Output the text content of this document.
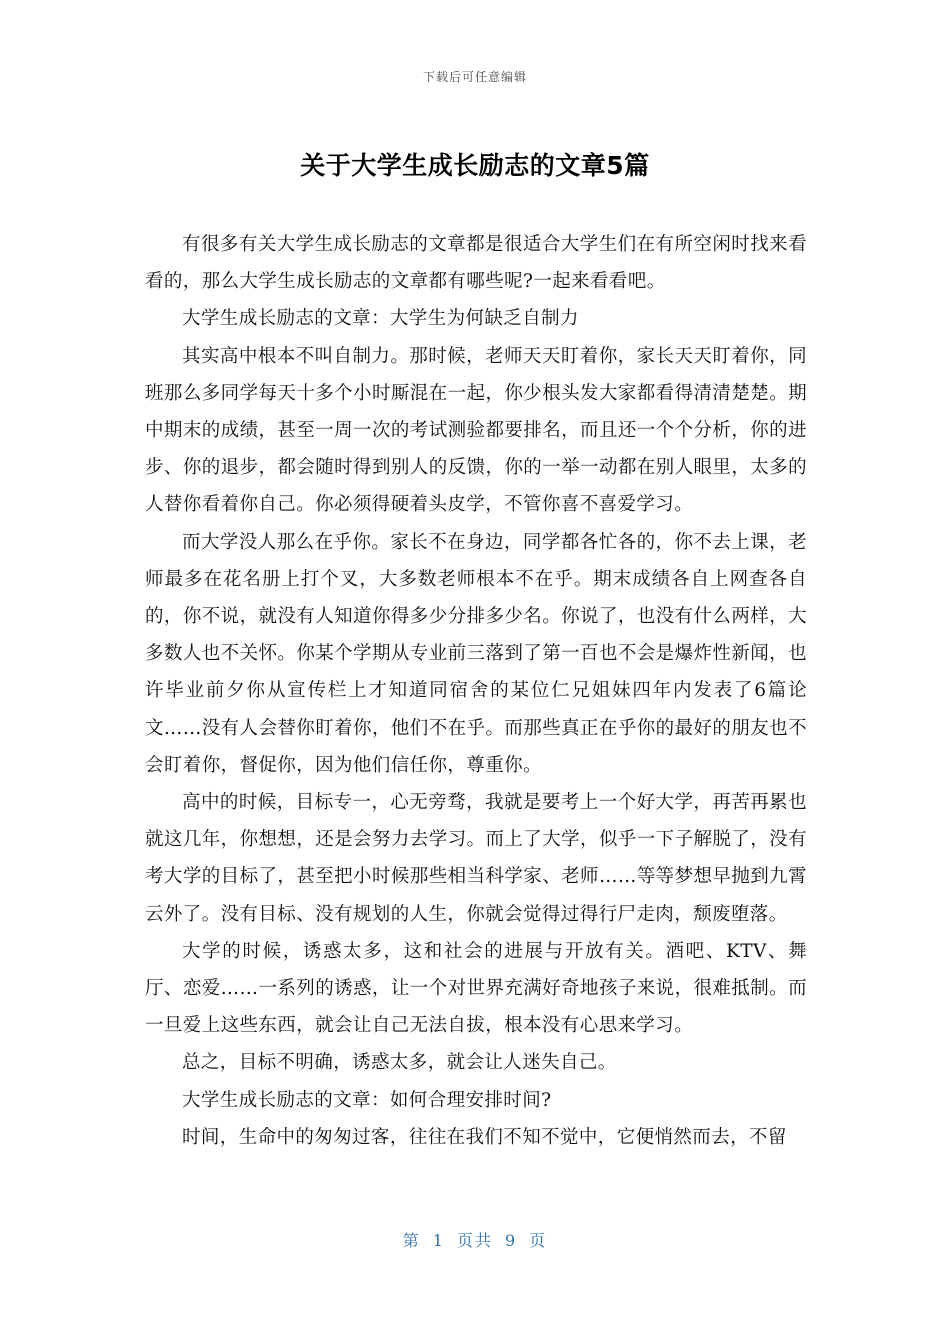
下载后可任意编辑
关于大学生成长励志的文章5篇

有很多有关大学生成长励志的文章都是很适合大学生们在有所空闲时找来看看的，那么大学生成长励志的文章都有哪些呢?一起来看看吧。

大学生成长励志的文章：大学生为何缺乏自制力

其实高中根本不叫自制力。那时候，老师天天盯着你，家长天天盯着你，同班那么多同学每天十多个小时厮混在一起，你少根头发大家都看得清清楚楚。期中期末的成绩，甚至一周一次的考试测验都要排名，而且还一个个分析，你的进步、你的退步，都会随时得到别人的反馈，你的一举一动都在别人眼里，太多的人替你看着你自己。你必须得硬着头皮学，不管你喜不喜爱学习。

而大学没人那么在乎你。家长不在身边，同学都各忙各的，你不去上课，老师最多在花名册上打个叉，大多数老师根本不在乎。期末成绩各自上网查各自的，你不说，就没有人知道你得多少分排多少名。你说了，也没有什么两样，大多数人也不关怀。你某个学期从专业前三落到了第一百也不会是爆炸性新闻，也许毕业前夕你从宣传栏上才知道同宿舍的某位仁兄姐妹四年内发表了6篇论文……没有人会替你盯着你，他们不在乎。而那些真正在乎你的最好的朋友也不会盯着你，督促你，因为他们信任你，尊重你。

高中的时候，目标专一，心无旁骛，我就是要考上一个好大学，再苦再累也就这几年，你想想，还是会努力去学习。而上了大学，似乎一下子解脱了，没有考大学的目标了，甚至把小时候那些相当科学家、老师……等等梦想早抛到九霄云外了。没有目标、没有规划的人生，你就会觉得过得行尸走肉，颓废堕落。

大学的时候，诱惑太多，这和社会的进展与开放有关。酒吧、KTV、舞厅、恋爱……一系列的诱惑，让一个对世界充满好奇地孩子来说，很难抵制。而一旦爱上这些东西，就会让自己无法自拔，根本没有心思来学习。

总之，目标不明确，诱惑太多，就会让人迷失自己。

大学生成长励志的文章：如何合理安排时间?

时间，生命中的匆匆过客，往往在我们不知不觉中，它便悄然而去，不留

第 1 页共 9 页
